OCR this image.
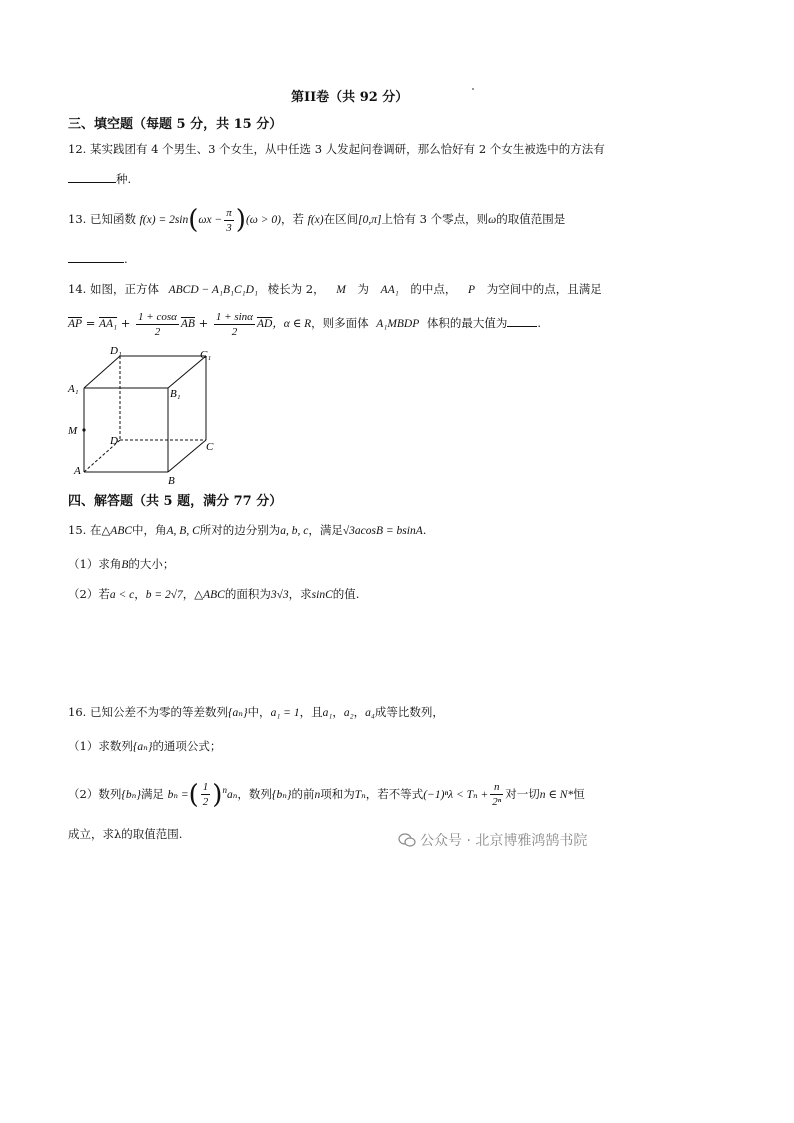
第II卷（共 92 分）
三、填空题（每题 5 分，共 15 分）
12. 某实践团有 4 个男生、3 个女生，从中任选 3 人发起问卷调研，那么恰好有 2 个女生被选中的方法有
种.
13. 已知函数 $f(x) = 2\sin(\omega x - \frac{\pi}{3} )(\omega > 0)$，若 f(x)在区间[0,π]上恰有 3 个零点，则ω的取值范围是
.
14. 如图，正方体 ABCD − A₁B₁C₁D₁ 棱长为 2， M 为 AA₁ 的中点， P 为空间中的点，且满足
$\overline{AP} = AA_1 + \frac{1 + \cos\alpha}{2} \overline{AB} + \frac{1 + \sin\alpha}{2} \overline{AD}$，α ∈ R，则多面体 A₁MBDP 体积的最大值为	.
D₁	C₁
A₁	B₁
M
D	C
A
B
四、解答题（共 5 题，满分 77 分）
15. 在△ABC中，角A, B, C所对的边分别为a, b, c，满足√3acosB = bsinA.
（1）求角B的大小；
（2）若a < c，b = 2√7，△ABC的面积为3√3，求sinC的值.
16. 已知公差不为零的等差数列{aₙ}中，a₁ = 1，且a₁，a₂，a₄成等比数列，
（1）求数列{aₙ}的通项公式；
（2）数列{bₙ}满足 bₙ =( $\frac{1}{2} )^na_n$，数列{bₙ}的前n项和为Tₙ，若不等式$(-1)^n\lambda < T_n + \frac{n}{\text{2ⁿ}}$ 对一切n ∈ N*恒
成立，求λ的取值范围.	公众号 · 北京博雅鸿鹄书院
